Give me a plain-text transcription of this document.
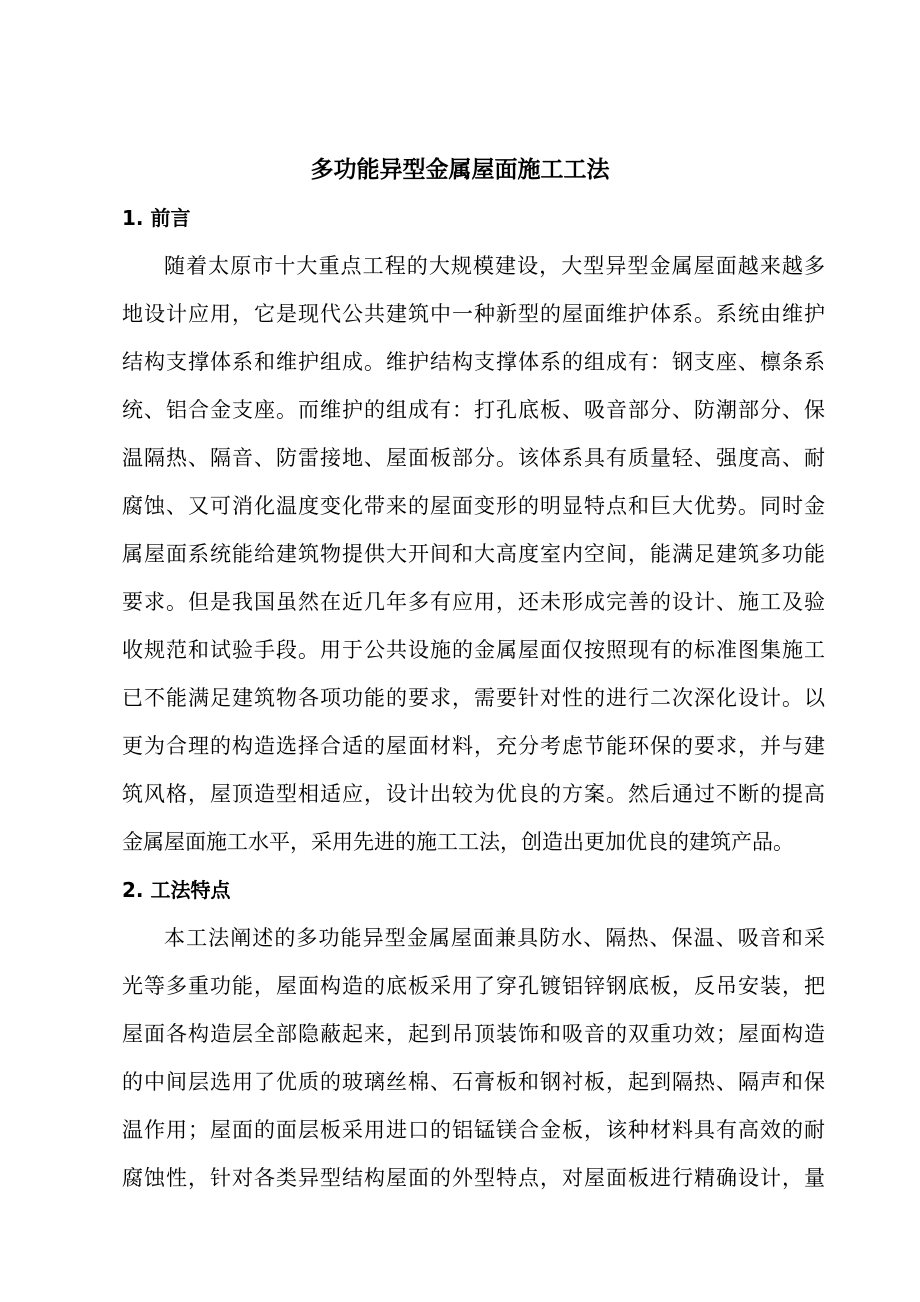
多功能异型金属屋面施工工法
1. 前言
随着太原市十大重点工程的大规模建设，大型异型金属屋面越来越多
地设计应用，它是现代公共建筑中一种新型的屋面维护体系。系统由维护
结构支撑体系和维护组成。维护结构支撑体系的组成有：钢支座、檩条系
统、铝合金支座。而维护的组成有：打孔底板、吸音部分、防潮部分、保
温隔热、隔音、防雷接地、屋面板部分。该体系具有质量轻、强度高、耐
腐蚀、又可消化温度变化带来的屋面变形的明显特点和巨大优势。同时金
属屋面系统能给建筑物提供大开间和大高度室内空间，能满足建筑多功能
要求。但是我国虽然在近几年多有应用，还未形成完善的设计、施工及验
收规范和试验手段。用于公共设施的金属屋面仅按照现有的标准图集施工
已不能满足建筑物各项功能的要求，需要针对性的进行二次深化设计。以
更为合理的构造选择合适的屋面材料，充分考虑节能环保的要求，并与建
筑风格，屋顶造型相适应，设计出较为优良的方案。然后通过不断的提高
金属屋面施工水平，采用先进的施工工法，创造出更加优良的建筑产品。
2. 工法特点
本工法阐述的多功能异型金属屋面兼具防水、隔热、保温、吸音和采
光等多重功能，屋面构造的底板采用了穿孔镀铝锌钢底板，反吊安装，把
屋面各构造层全部隐蔽起来，起到吊顶装饰和吸音的双重功效；屋面构造
的中间层选用了优质的玻璃丝棉、石膏板和钢衬板，起到隔热、隔声和保
温作用；屋面的面层板采用进口的铝锰镁合金板，该种材料具有高效的耐
腐蚀性，针对各类异型结构屋面的外型特点，对屋面板进行精确设计，量
